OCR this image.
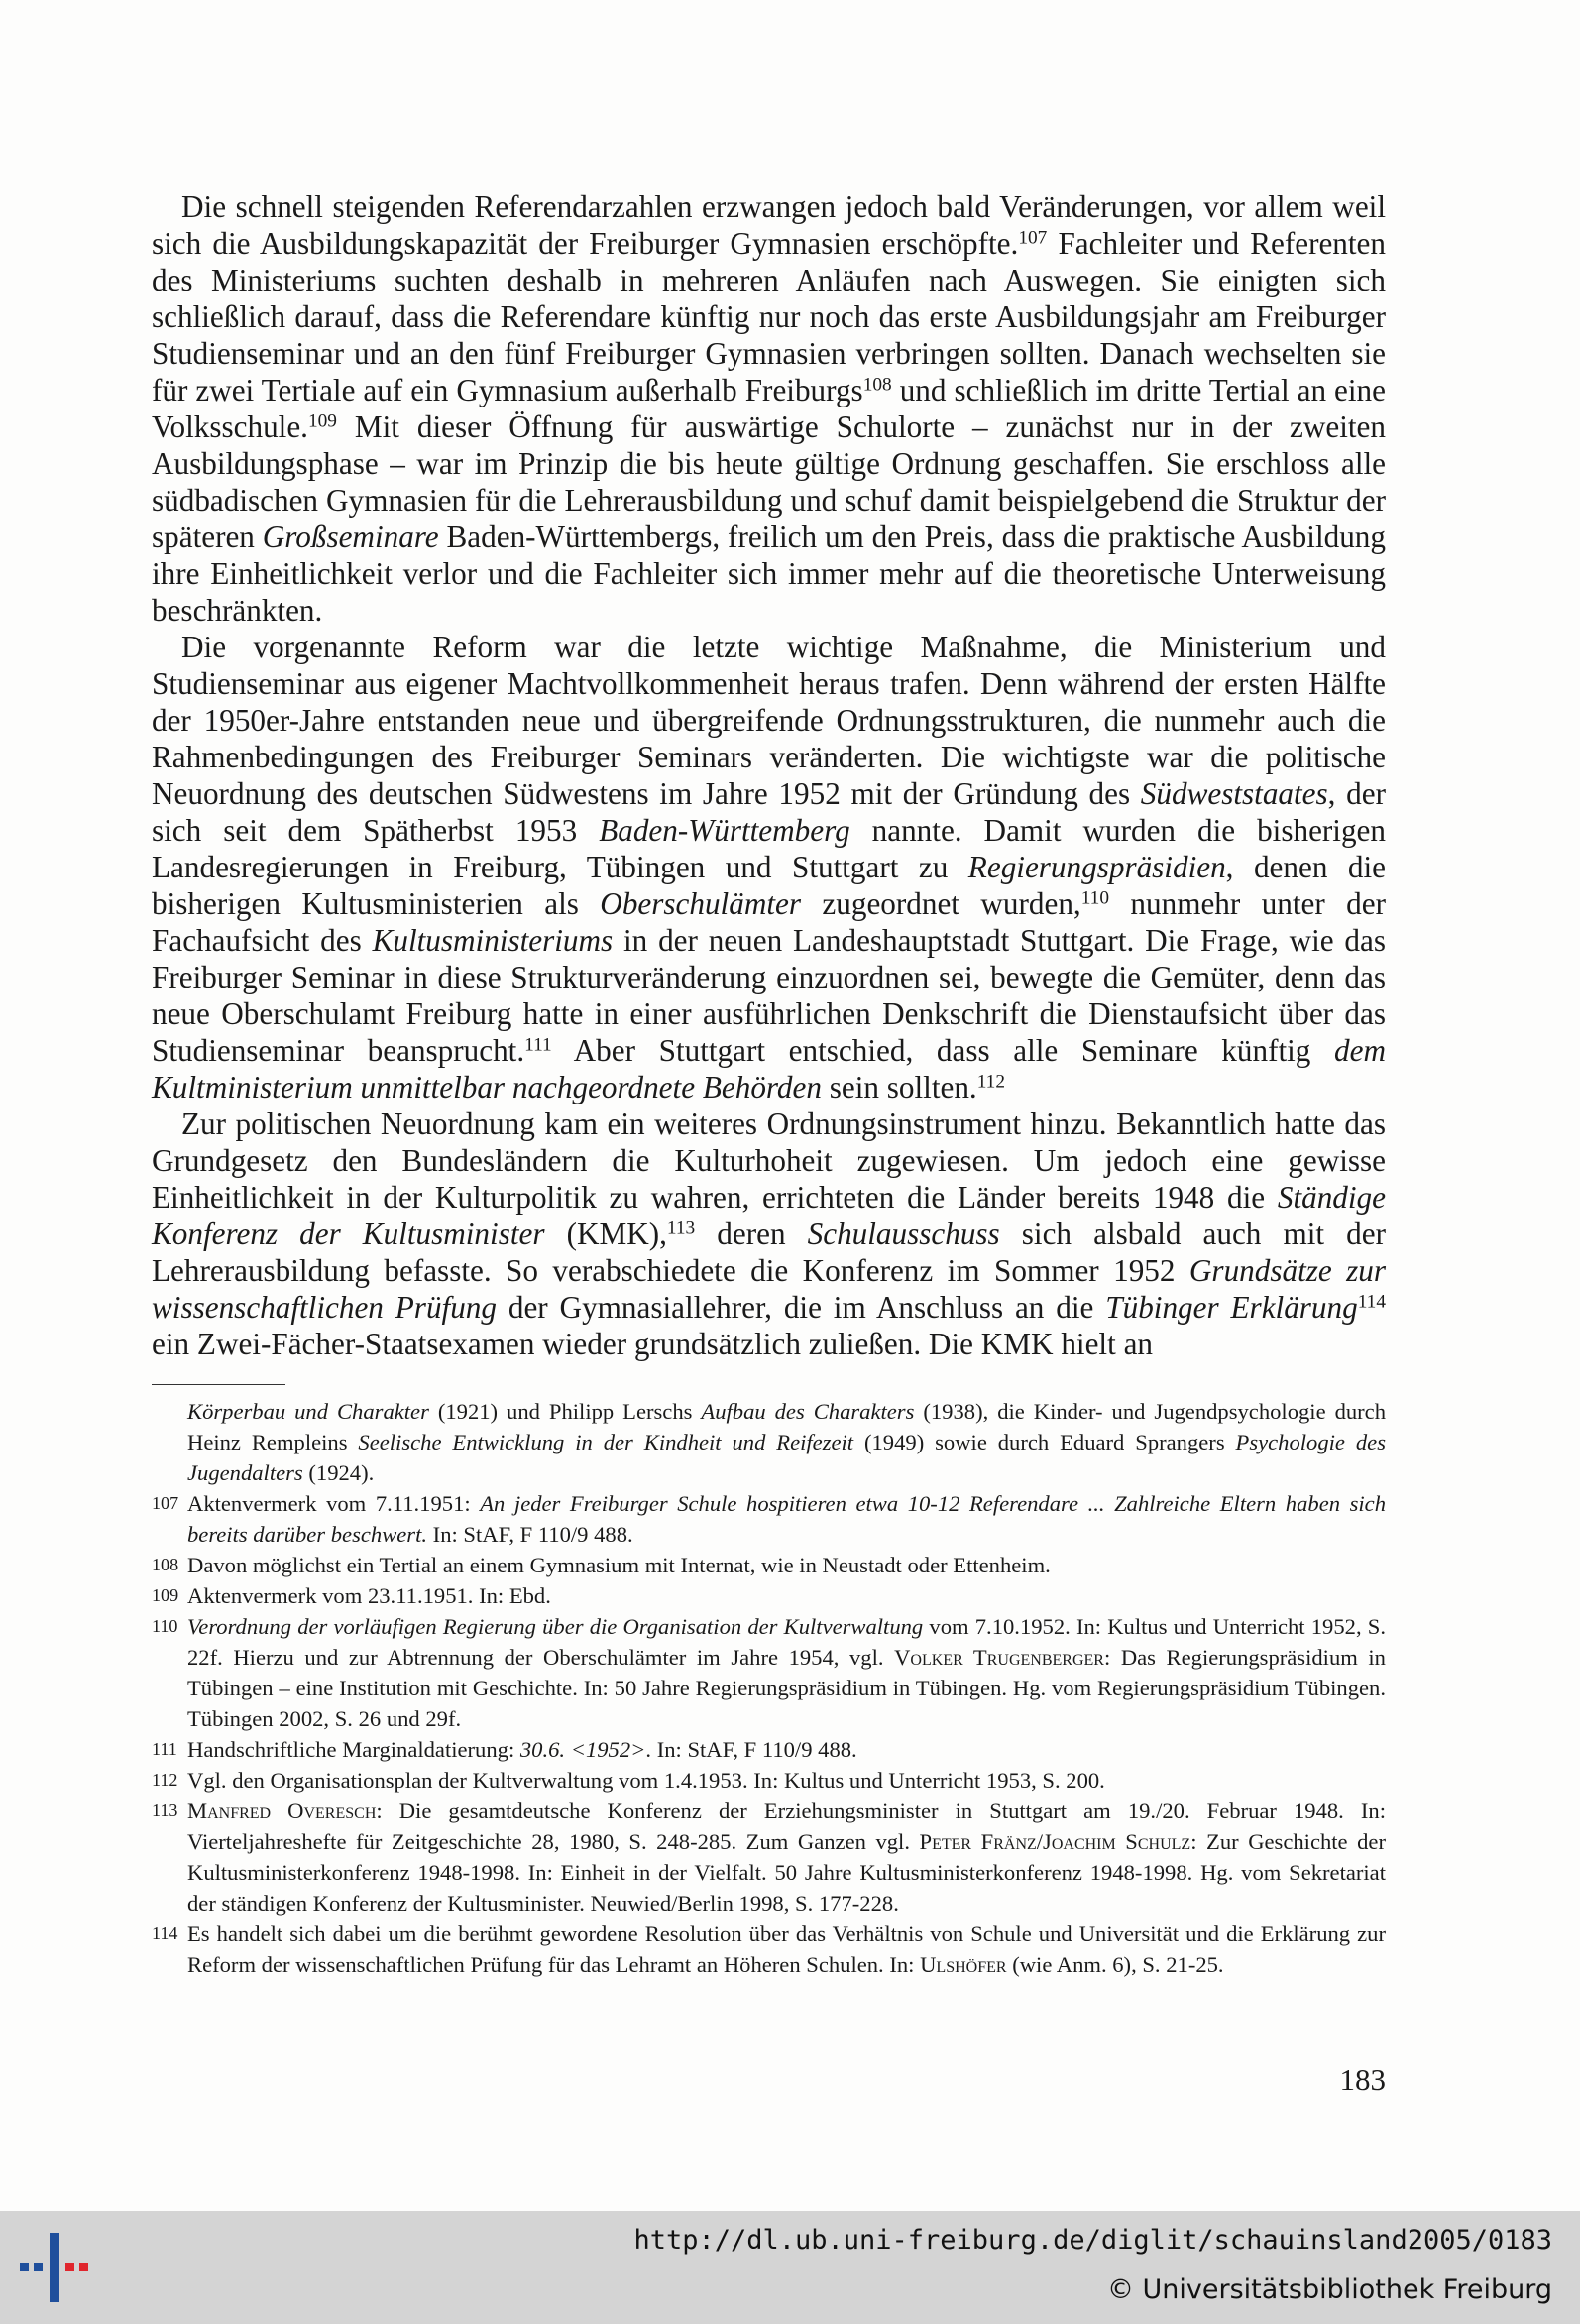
Die schnell steigenden Referendarzahlen erzwangen jedoch bald Veränderungen, vor allem weil sich die Ausbildungskapazität der Freiburger Gymnasien erschöpfte.$^{107}$ Fachleiter und Referenten des Ministeriums suchten deshalb in mehreren Anläufen nach Auswegen. Sie einigten sich schließlich darauf, dass die Referendare künftig nur noch das erste Ausbildungsjahr am Freiburger Studienseminar und an den fünf Freiburger Gymnasien verbringen sollten. Danach wechselten sie für zwei Tertiale auf ein Gymnasium außerhalb Freiburgs$^{108}$ und schließlich im dritte Tertial an eine Volksschule.$^{109}$ Mit dieser Öffnung für auswärtige Schulorte – zunächst nur in der zweiten Ausbildungsphase – war im Prinzip die bis heute gültige Ordnung geschaffen. Sie erschloss alle südbadischen Gymnasien für die Lehrerausbildung und schuf damit beispielgebend die Struktur der späteren Großseminare Baden-Württembergs, freilich um den Preis, dass die praktische Ausbildung ihre Einheitlichkeit verlor und die Fachleiter sich immer mehr auf die theoretische Unterweisung beschränkten.

Die vorgenannte Reform war die letzte wichtige Maßnahme, die Ministerium und Studienseminar aus eigener Machtvollkommenheit heraus trafen. Denn während der ersten Hälfte der 1950er-Jahre entstanden neue und übergreifende Ordnungsstrukturen, die nunmehr auch die Rahmenbedingungen des Freiburger Seminars veränderten. Die wichtigste war die politische Neuordnung des deutschen Südwestens im Jahre 1952 mit der Gründung des Südweststaates, der sich seit dem Spätherbst 1953 Baden-Württemberg nannte. Damit wurden die bisherigen Landesregierungen in Freiburg, Tübingen und Stuttgart zu Regierungspräsidien, denen die bisherigen Kultusministerien als Oberschulämter zugeordnet wurden,$^{110}$ nunmehr unter der Fachaufsicht des Kultusministeriums in der neuen Landeshauptstadt Stuttgart. Die Frage, wie das Freiburger Seminar in diese Strukturveränderung einzuordnen sei, bewegte die Gemüter, denn das neue Oberschulamt Freiburg hatte in einer ausführlichen Denkschrift die Dienstaufsicht über das Studienseminar beansprucht.$^{111}$ Aber Stuttgart entschied, dass alle Seminare künftig dem Kultministerium unmittelbar nachgeordnete Behörden sein sollten.$^{112}$

Zur politischen Neuordnung kam ein weiteres Ordnungsinstrument hinzu. Bekanntlich hatte das Grundgesetz den Bundesländern die Kulturhoheit zugewiesen. Um jedoch eine gewisse Einheitlichkeit in der Kulturpolitik zu wahren, errichteten die Länder bereits 1948 die Ständige Konferenz der Kultusminister (KMK),$^{113}$ deren Schulausschuss sich alsbald auch mit der Lehrerausbildung befasste. So verabschiedete die Konferenz im Sommer 1952 Grundsätze zur wissenschaftlichen Prüfung der Gymnasiallehrer, die im Anschluss an die Tübinger Erklärung$^{114}$ ein Zwei-Fächer-Staatsexamen wieder grundsätzlich zuließen. Die KMK hielt an

Körperbau und Charakter (1921) und Philipp Lerschs Aufbau des Charakters (1938), die Kinder- und Jugendpsychologie durch Heinz Rempleins Seelische Entwicklung in der Kindheit und Reifezeit (1949) sowie durch Eduard Sprangers Psychologie des Jugendalters (1924).

107 Aktenvermerk vom 7.11.1951: An jeder Freiburger Schule hospitieren etwa 10-12 Referendare ... Zahlreiche Eltern haben sich bereits darüber beschwert. In: StAF, F 110/9 488.

108 Davon möglichst ein Tertial an einem Gymnasium mit Internat, wie in Neustadt oder Ettenheim.

109 Aktenvermerk vom 23.11.1951. In: Ebd.

110 Verordnung der vorläufigen Regierung über die Organisation der Kultverwaltung vom 7.10.1952. In: Kultus und Unterricht 1952, S. 22f. Hierzu und zur Abtrennung der Oberschulämter im Jahre 1954, vgl. Volker Trugenberger: Das Regierungspräsidium in Tübingen – eine Institution mit Geschichte. In: 50 Jahre Regierungspräsidium in Tübingen. Hg. vom Regierungspräsidium Tübingen. Tübingen 2002, S. 26 und 29f.

111 Handschriftliche Marginaldatierung: 30.6. <1952>. In: StAF, F 110/9 488.

112 Vgl. den Organisationsplan der Kultverwaltung vom 1.4.1953. In: Kultus und Unterricht 1953, S. 200.

113 Manfred Overesch: Die gesamtdeutsche Konferenz der Erziehungsminister in Stuttgart am 19./20. Februar 1948. In: Vierteljahreshefte für Zeitgeschichte 28, 1980, S. 248-285. Zum Ganzen vgl. Peter Fränz/Joachim Schulz: Zur Geschichte der Kultusministerkonferenz 1948-1998. In: Einheit in der Vielfalt. 50 Jahre Kultusministerkonferenz 1948-1998. Hg. vom Sekretariat der ständigen Konferenz der Kultusminister. Neuwied/Berlin 1998, S. 177-228.

114 Es handelt sich dabei um die berühmt gewordene Resolution über das Verhältnis von Schule und Universität und die Erklärung zur Reform der wissenschaftlichen Prüfung für das Lehramt an Höheren Schulen. In: Ulshöfer (wie Anm. 6), S. 21-25.

183
http://dl.ub.uni-freiburg.de/diglit/schauinsland2005/0183
© Universitätsbibliothek Freiburg
